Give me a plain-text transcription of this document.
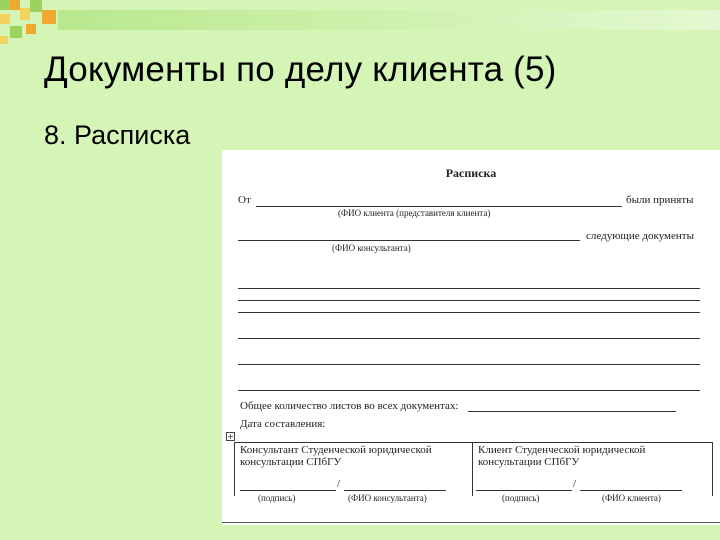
Документы по делу клиента (5)
8. Расписка
Расписка
От	были приняты
(ФИО клиента (представителя клиента)
следующие документы
(ФИО консультанта)
Общее количество листов во всех документах:
Дата составления:
+
Консультант Студенческой юридической
консультации СПбГУ
Клиент Студенческой юридической
консультации СПбГУ
/
(подпись)	(ФИО консультанта)
/
(подпись)	(ФИО клиента)
